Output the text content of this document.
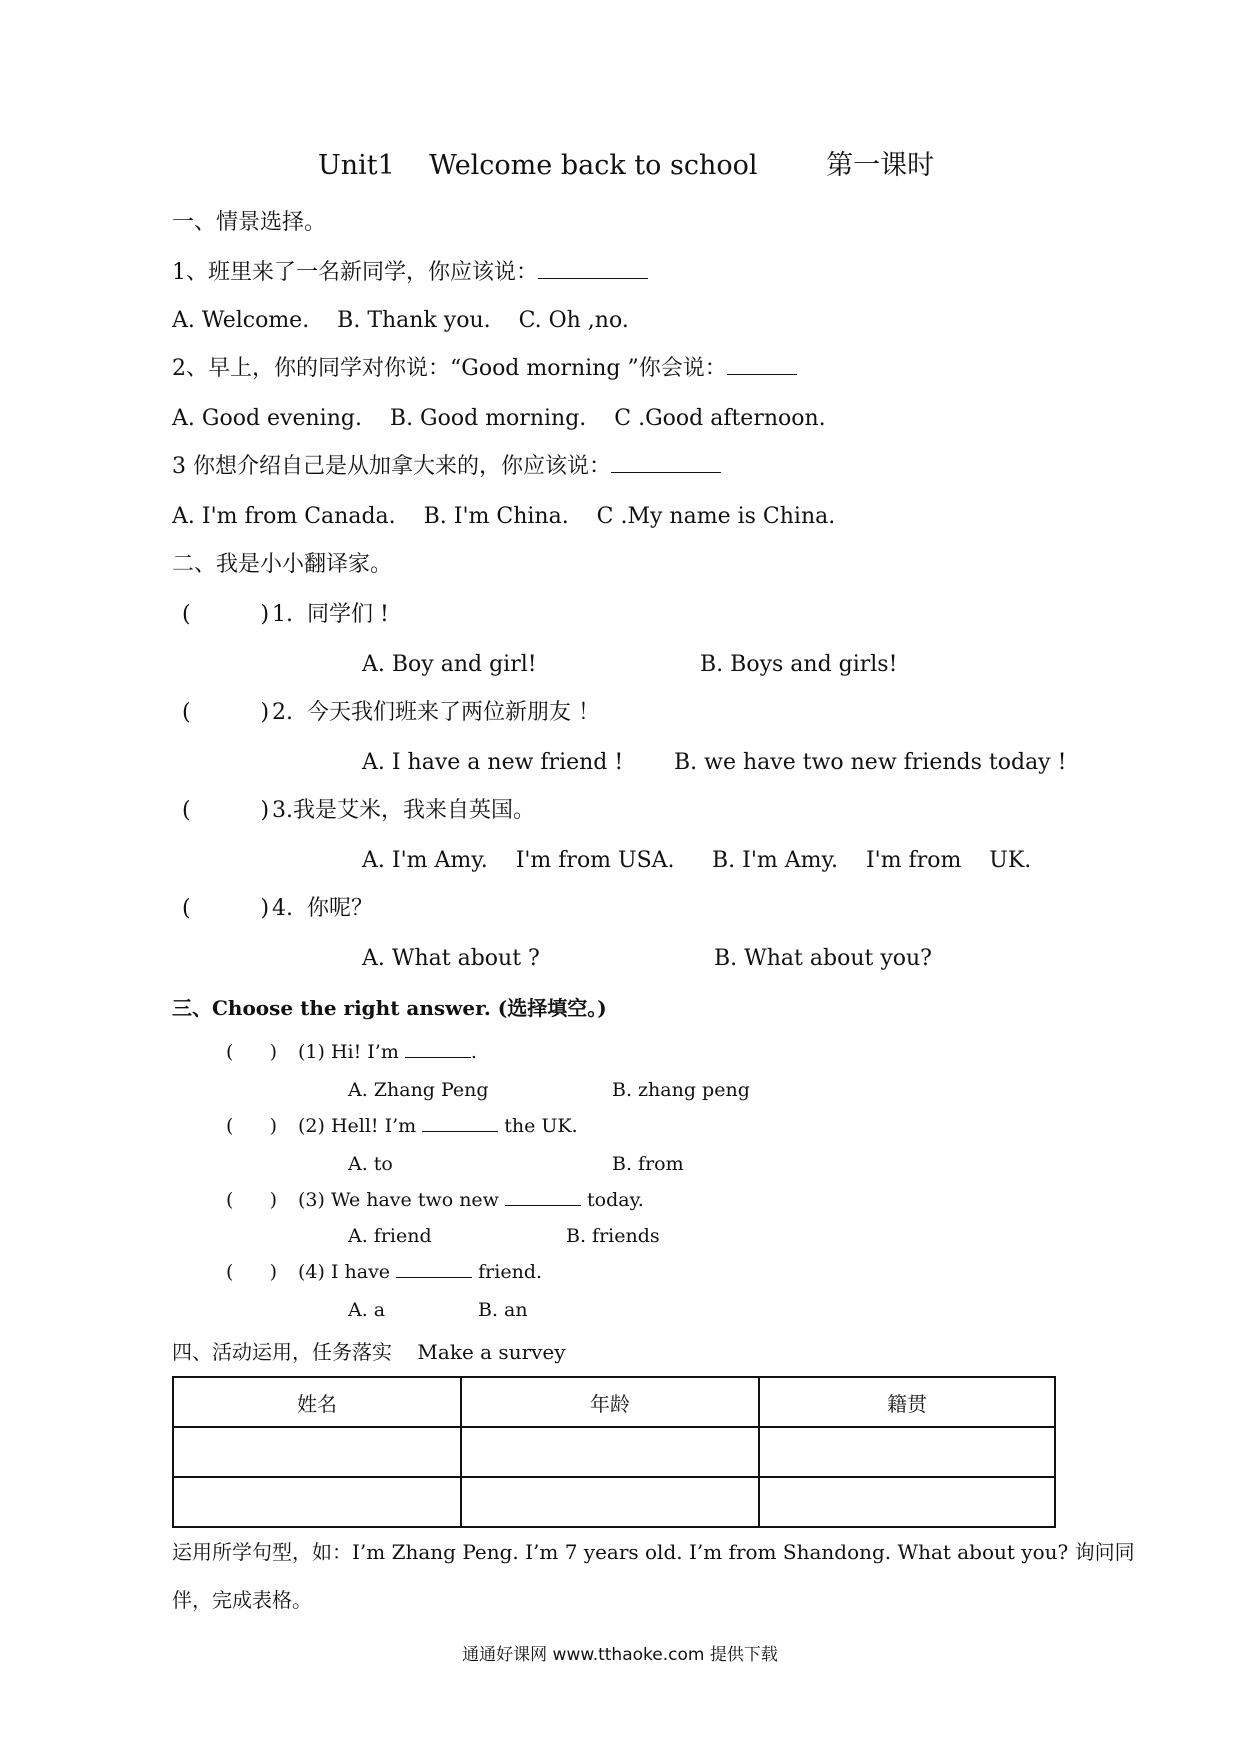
Unit1    Welcome back to school        第一课时
一、情景选择。
1、班里来了一名新同学，你应该说：
A. Welcome.    B. Thank you.    C. Oh ,no.
2、早上，你的同学对你说：“Good morning ”你会说：
A. Good evening.    B. Good morning.    C .Good afternoon.
3 你想介绍自己是从加拿大来的，你应该说：
A. I'm from Canada.    B. I'm China.    C .My name is China.
二、我是小小翻译家。
(          ) 1.  同学们 !
A. Boy and girl!	B. Boys and girls!
(          ) 2.  今天我们班来了两位新朋友 ！
A. I have a new friend ! B. we have two new friends today !
(          ) 3.我是艾米，我来自英国。
A. I'm Amy.    I'm from USA. B. I'm Amy.    I'm from    UK.
(          ) 4.  你呢？
A. What about ?	B. What about you?
三、Choose the right answer. (选择填空。)
(      ) (1) Hi! I’m	.
A. Zhang Peng	B. zhang peng
(      ) (2) Hell! I’m	the UK.
A. to	B. from
(      ) (3) We have two new	today.
A. friend	B. friends
(      ) (4) I have	friend.
A. a	B. an
四、活动运用，任务落实    Make a survey
姓名	年龄	籍贯

运用所学句型，如：I’m Zhang Peng. I’m 7 years old. I’m from Shandong. What about you? 询问同
伴，完成表格。
通通好课网 www.tthaoke.com 提供下载
